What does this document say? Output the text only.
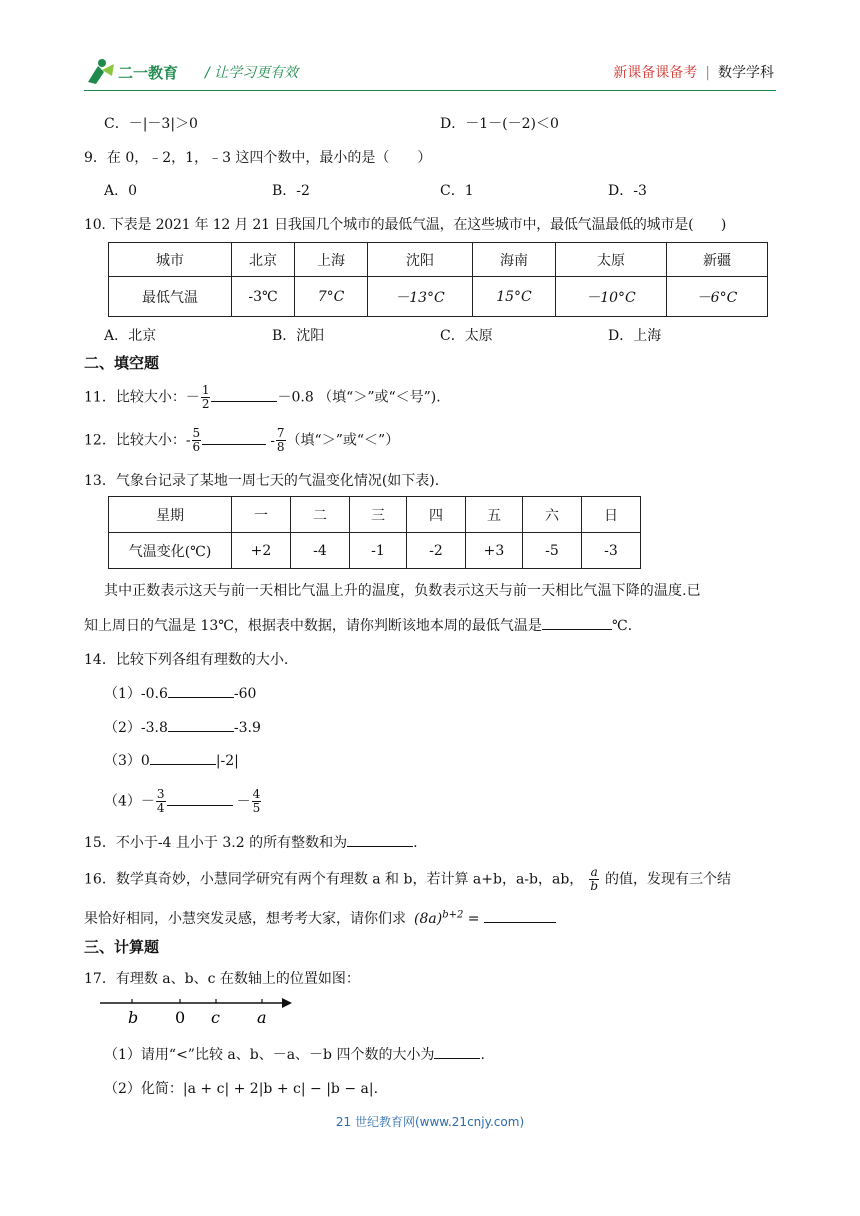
二一教育 / 让学习更有效	新课备课备考 | 数学学科
C．－|－3|＞0	D．－1－(－2)＜0
9．在 0，﹣2，1，﹣3 这四个数中，最小的是（　　）
A．0	B．-2	C．1	D．-3
10. 下表是 2021 年 12 月 21 日我国几个城市的最低气温，在这些城市中，最低气温最低的城市是(　　)
城市	北京	上海	沈阳	海南	太原	新疆
最低气温	-3℃	7°C	－13°C	15°C	－10°C	－6°C
A．北京	B．沈阳	C．太原	D．上海
二、填空题
11．比较大小：－ $\frac{1}{2}$	－0.8 （填“＞”或“＜号”).
12．比较大小：- $\frac{5}{6}$	- $\frac{7}{8}$ （填“＞”或“＜”）
13．气象台记录了某地一周七天的气温变化情况(如下表).
星期	一	二	三	四	五	六	日
气温变化(℃)	+2	-4	-1	-2	+3	-5	-3
其中正数表示这天与前一天相比气温上升的温度，负数表示这天与前一天相比气温下降的温度.已
知上周日的气温是 13℃，根据表中数据，请你判断该地本周的最低气温是	℃.
14．比较下列各组有理数的大小.
（1）-0.6	-60
（2）-3.8	-3.9
（3）0	|-2|
$(4)- \frac{3}{4}$	－ $\frac{4}{5}$
15．不小于-4 且小于 3.2 的所有整数和为	.
16．数学真奇妙，小慧同学研究有两个有理数 a 和 b，若计算 a+b，a-b，ab， $\frac{a}{b}$ 的值，发现有三个结
果恰好相同，小慧突发灵感，想考考大家，请你们求 $(8a)^{b+2}$ =
三、计算题
17．有理数 a、b、c 在数轴上的位置如图：
b 0 c a
（1）请用“<”比较 a、b、－a、－b 四个数的大小为	.
（2）化简：|a + c| + 2|b + c| − |b − a|.
21 世纪教育网(www.21cnjy.com)
